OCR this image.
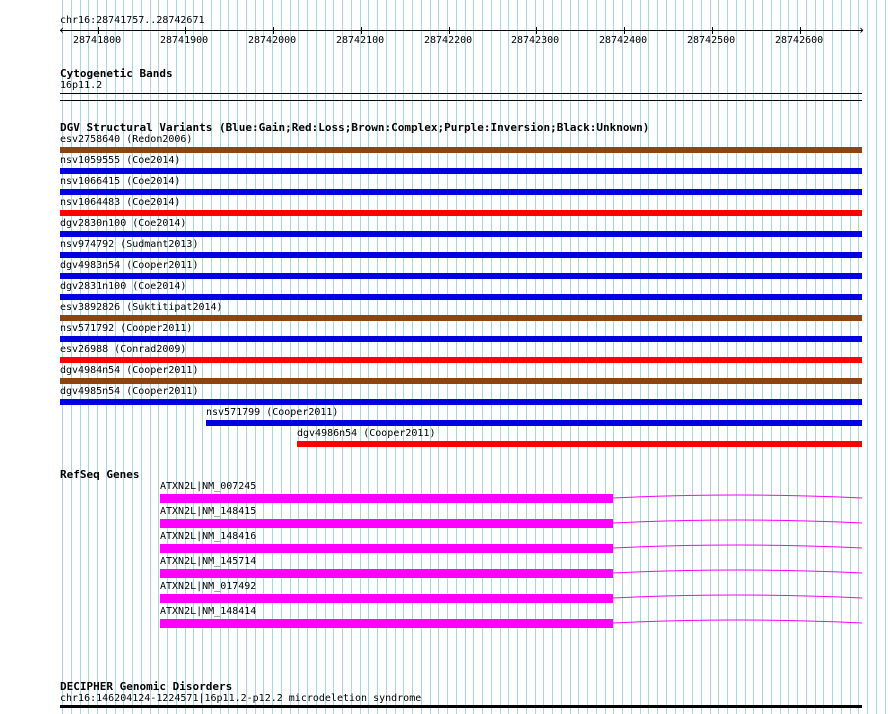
chr16:28741757..28742671
‹	›
28741800	28741900	28742000	28742100	28742200	28742300	28742400	28742500	28742600
Cytogenetic Bands
16p11.2
DGV Structural Variants (Blue:Gain;Red:Loss;Brown:Complex;Purple:Inversion;Black:Unknown)
esv2758640 (Redon2006)
nsv1059555 (Coe2014)
nsv1066415 (Coe2014)
nsv1064483 (Coe2014)
dgv2830n100 (Coe2014)
nsv974792 (Sudmant2013)
dgv4983n54 (Cooper2011)
dgv2831n100 (Coe2014)
esv3892826 (Suktitipat2014)
nsv571792 (Cooper2011)
esv26988 (Conrad2009)
dgv4984n54 (Cooper2011)
dgv4985n54 (Cooper2011)
nsv571799 (Cooper2011)
dgv4986n54 (Cooper2011)
RefSeq Genes
ATXN2L|NM_007245
ATXN2L|NM_148415
ATXN2L|NM_148416
ATXN2L|NM_145714
ATXN2L|NM_017492
ATXN2L|NM_148414
DECIPHER Genomic Disorders
chr16:146204124-1224571|16p11.2-p12.2 microdeletion syndrome
